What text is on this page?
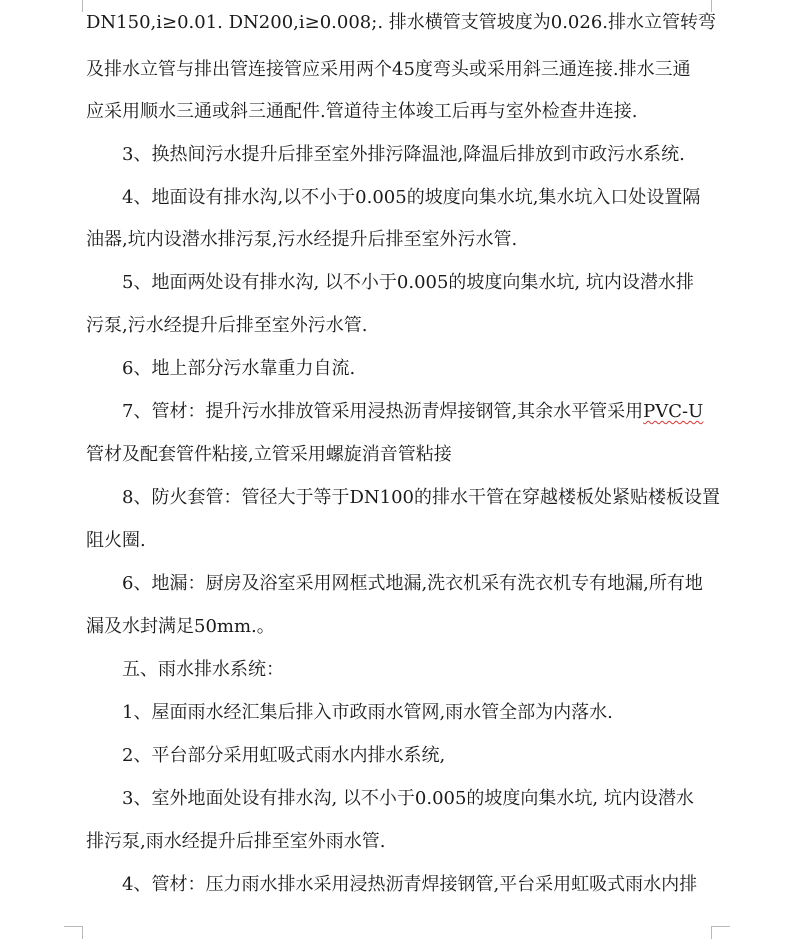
DN150,i≥0.01. DN200,i≥0.008;. 排水横管支管坡度为0.026.排水立管转弯
及排水立管与排出管连接管应采用两个45度弯头或采用斜三通连接.排水三通
应采用顺水三通或斜三通配件.管道待主体竣工后再与室外检查井连接.
3、换热间污水提升后排至室外排污降温池,降温后排放到市政污水系统.
4、地面设有排水沟,以不小于0.005的坡度向集水坑,集水坑入口处设置隔
油器,坑内设潜水排污泵,污水经提升后排至室外污水管.
5、地面两处设有排水沟, 以不小于0.005的坡度向集水坑, 坑内设潜水排
污泵,污水经提升后排至室外污水管.
6、地上部分污水靠重力自流.
7、管材：提升污水排放管采用浸热沥青焊接钢管,其余水平管采用PVC-U
管材及配套管件粘接,立管采用螺旋消音管粘接
8、防火套管：管径大于等于DN100的排水干管在穿越楼板处紧贴楼板设置
阻火圈.
6、地漏：厨房及浴室采用网框式地漏,洗衣机采有洗衣机专有地漏,所有地
漏及水封满足50mm.。
五、雨水排水系统：
1、屋面雨水经汇集后排入市政雨水管网,雨水管全部为内落水.
2、平台部分采用虹吸式雨水内排水系统,
3、室外地面处设有排水沟, 以不小于0.005的坡度向集水坑, 坑内设潜水
排污泵,雨水经提升后排至室外雨水管.
4、管材：压力雨水排水采用浸热沥青焊接钢管,平台采用虹吸式雨水内排
